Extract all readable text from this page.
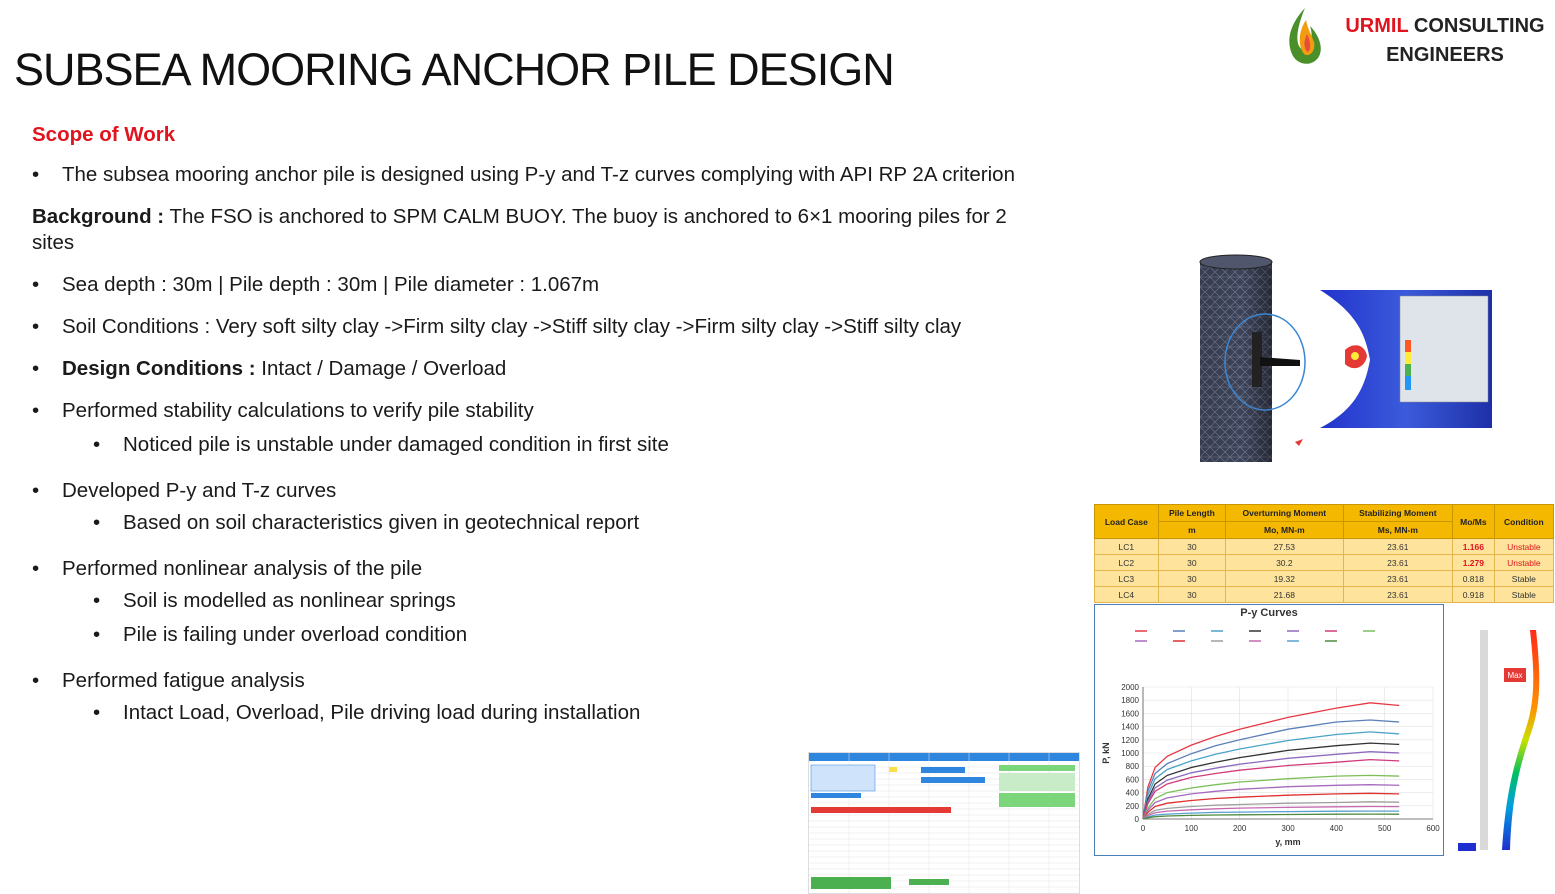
SUBSEA MOORING ANCHOR PILE DESIGN
URMIL CONSULTING
ENGINEERS
Scope of Work
• The subsea mooring anchor pile is designed using P-y and T-z curves complying with API RP 2A criterion
Background : The FSO is anchored to SPM CALM BUOY. The buoy is anchored to 6×1 mooring piles for 2 sites
• Sea depth : 30m | Pile depth : 30m | Pile diameter : 1.067m
• Soil Conditions : Very soft silty clay ->Firm silty clay ->Stiff silty clay ->Firm silty clay ->Stiff silty clay
• Design Conditions : Intact / Damage / Overload
• Performed stability calculations to verify pile stability
• Noticed pile is unstable under damaged condition in first site
• Developed P-y and T-z curves
• Based on soil characteristics given in geotechnical report
• Performed nonlinear analysis of the pile
• Soil is modelled as nonlinear springs
• Pile is failing under overload condition
• Performed fatigue analysis
• Intact Load, Overload, Pile driving load during installation
Load Case	Pile Length	Overturning Moment	Stabilizing Moment	Mo/Ms	Condition
	m	Mo, MN-m	Ms, MN-m		
LC1	30	27.53	23.61	1.166	Unstable
LC2	30	30.2	23.61	1.279	Unstable
LC3	30	19.32	23.61	0.818	Stable
LC4	30	21.68	23.61	0.918	Stable
P-y Curves
0
200
400
600
800
1000
1200
1400
1600
1800
2000
0	100	200	300	400	500	600
y, mm
P, kN
Max
